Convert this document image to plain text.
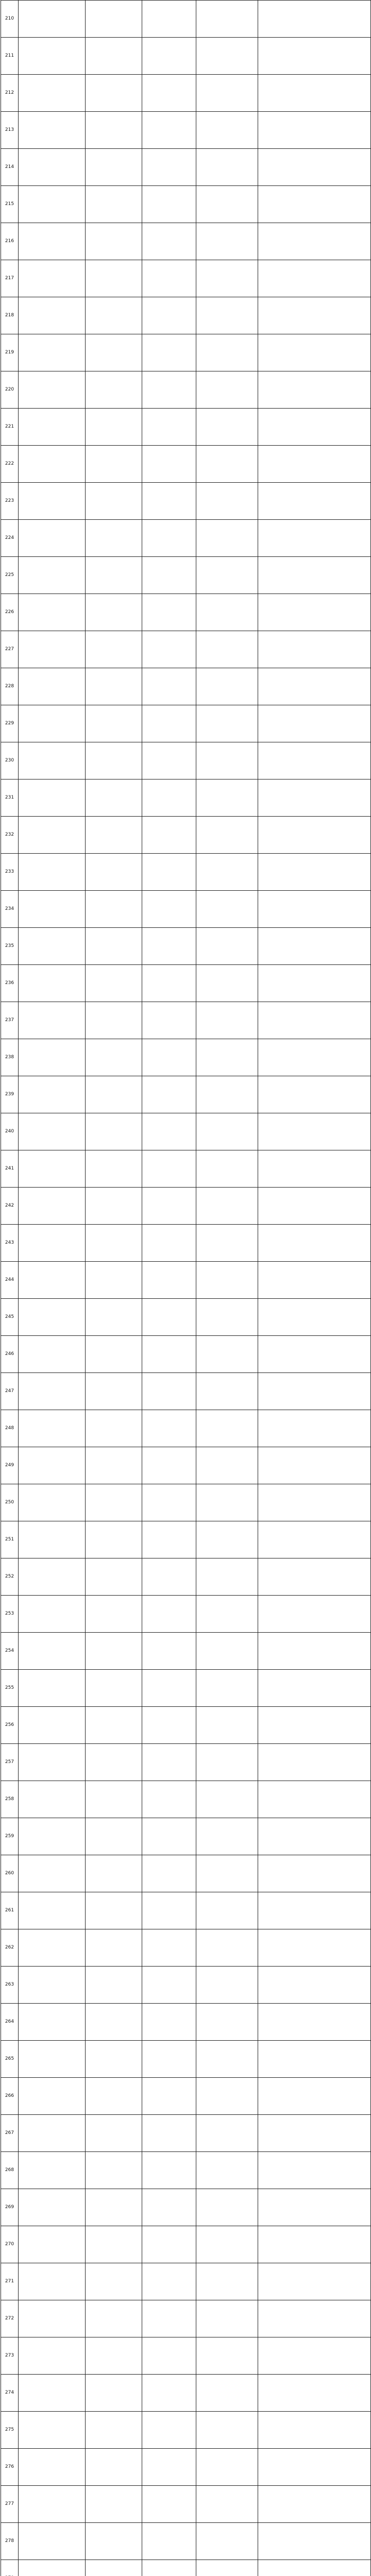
210					
211					
212					
213					
214					
215					
216					
217					
218					
219					
220					
221					
222					
223					
224					
225					
226					
227					
228					
229					
230					
231					
232					
233					
234					
235					
236					
237					
238					
239					
240					
241					
242					
243					
244					
245					
246					
247					
248					
249					
250					
251					
252					
253					
254					
255					
256					
257					
258					
259					
260					
261					
262					
263					
264					
265					
266					
267					
268					
269					
270					
271					
272					
273					
274					
275					
276					
277					
278					
